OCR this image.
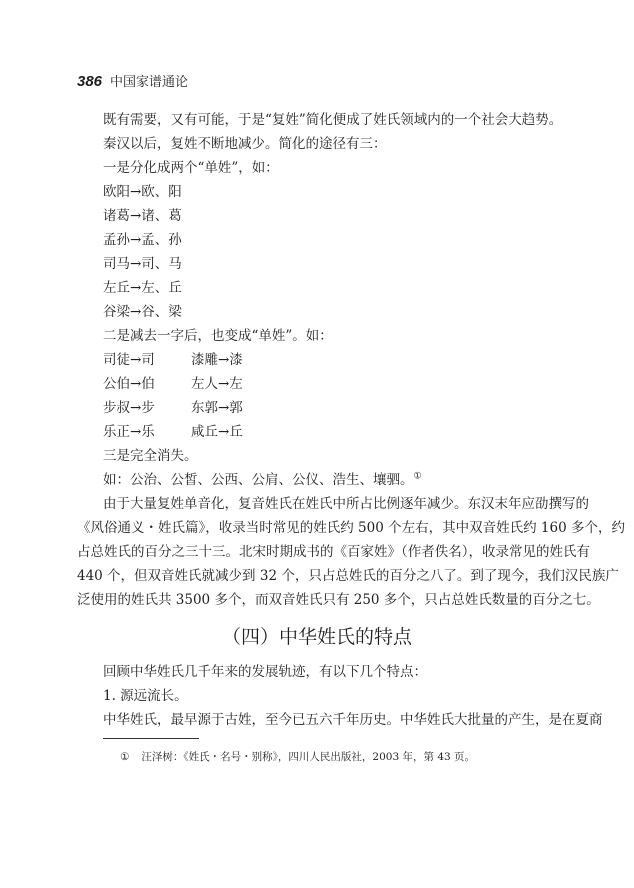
386 中国家谱通论
既有需要，又有可能，于是“复姓”简化便成了姓氏领域内的一个社会大趋势。
秦汉以后，复姓不断地减少。简化的途径有三：
一是分化成两个“单姓”，如：
欧阳→欧、阳
诸葛→诸、葛
孟孙→孟、孙
司马→司、马
左丘→左、丘
谷梁→谷、梁
二是减去一字后，也变成“单姓”。如：
司徒→司	漆雕→漆
公伯→伯	左人→左
步叔→步	东郭→郭
乐正→乐	咸丘→丘
三是完全消失。
如：公治、公皙、公西、公肩、公仪、浩生、壤驷。①
由于大量复姓单音化，复音姓氏在姓氏中所占比例逐年减少。东汉末年应劭撰写的
《风俗通义・姓氏篇》，收录当时常见的姓氏约 500 个左右，其中双音姓氏约 160 多个，约
占总姓氏的百分之三十三。北宋时期成书的《百家姓》（作者佚名），收录常见的姓氏有
440 个，但双音姓氏就减少到 32 个，只占总姓氏的百分之八了。到了现今，我们汉民族广
泛使用的姓氏共 3500 多个，而双音姓氏只有 250 多个，只占总姓氏数量的百分之七。
（四）中华姓氏的特点
回顾中华姓氏几千年来的发展轨迹，有以下几个特点：
1. 源远流长。
中华姓氏，最早源于古姓，至今已五六千年历史。中华姓氏大批量的产生，是在夏商
① 汪泽树：《姓氏・名号・别称》，四川人民出版社，2003 年，第 43 页。
